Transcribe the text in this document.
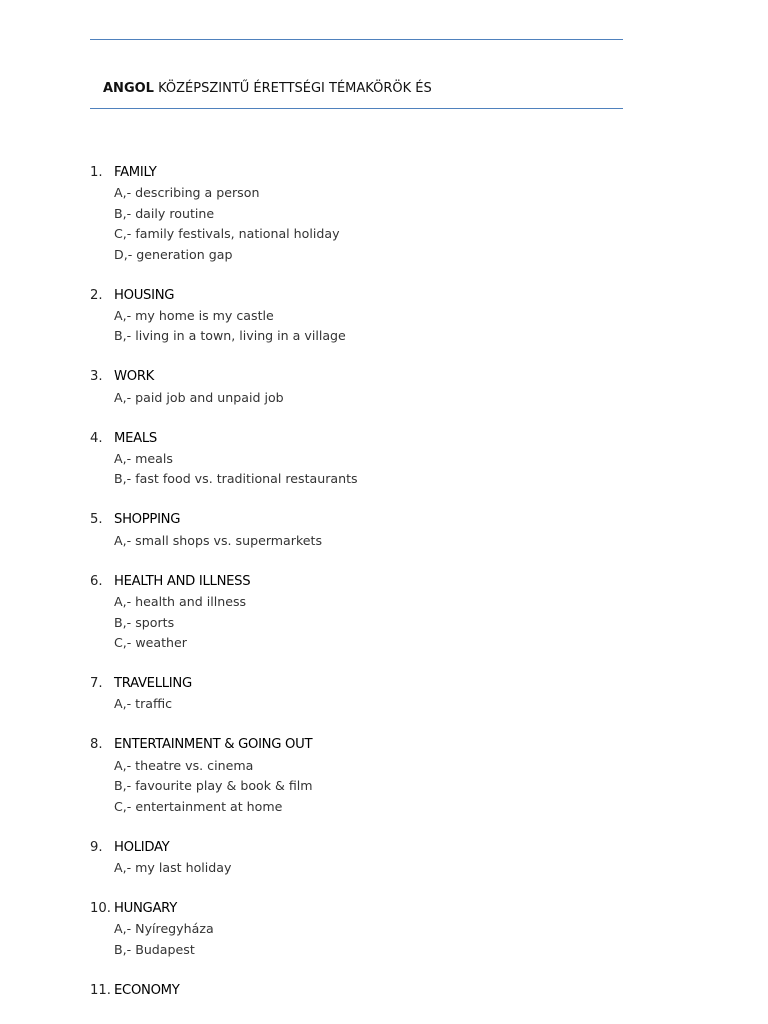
ANGOL KÖZÉPSZINTŰ ÉRETTSÉGI TÉMAKÖRÖK ÉS
1. FAMILY
A,- describing a person
B,- daily routine
C,- family festivals, national holiday
D,- generation gap
2. HOUSING
A,- my home is my castle
B,- living in a town, living in a village
3. WORK
A,- paid job and unpaid job
4. MEALS
A,- meals
B,- fast food vs. traditional restaurants
5. SHOPPING
A,- small shops vs. supermarkets
6. HEALTH AND ILLNESS
A,- health and illness
B,- sports
C,- weather
7. TRAVELLING
A,- traffic
8. ENTERTAINMENT & GOING OUT
A,- theatre vs. cinema
B,- favourite play & book & film
C,- entertainment at home
9. HOLIDAY
A,- my last holiday
10. HUNGARY
A,- Nyíregyháza
B,- Budapest
11. ECONOMY
